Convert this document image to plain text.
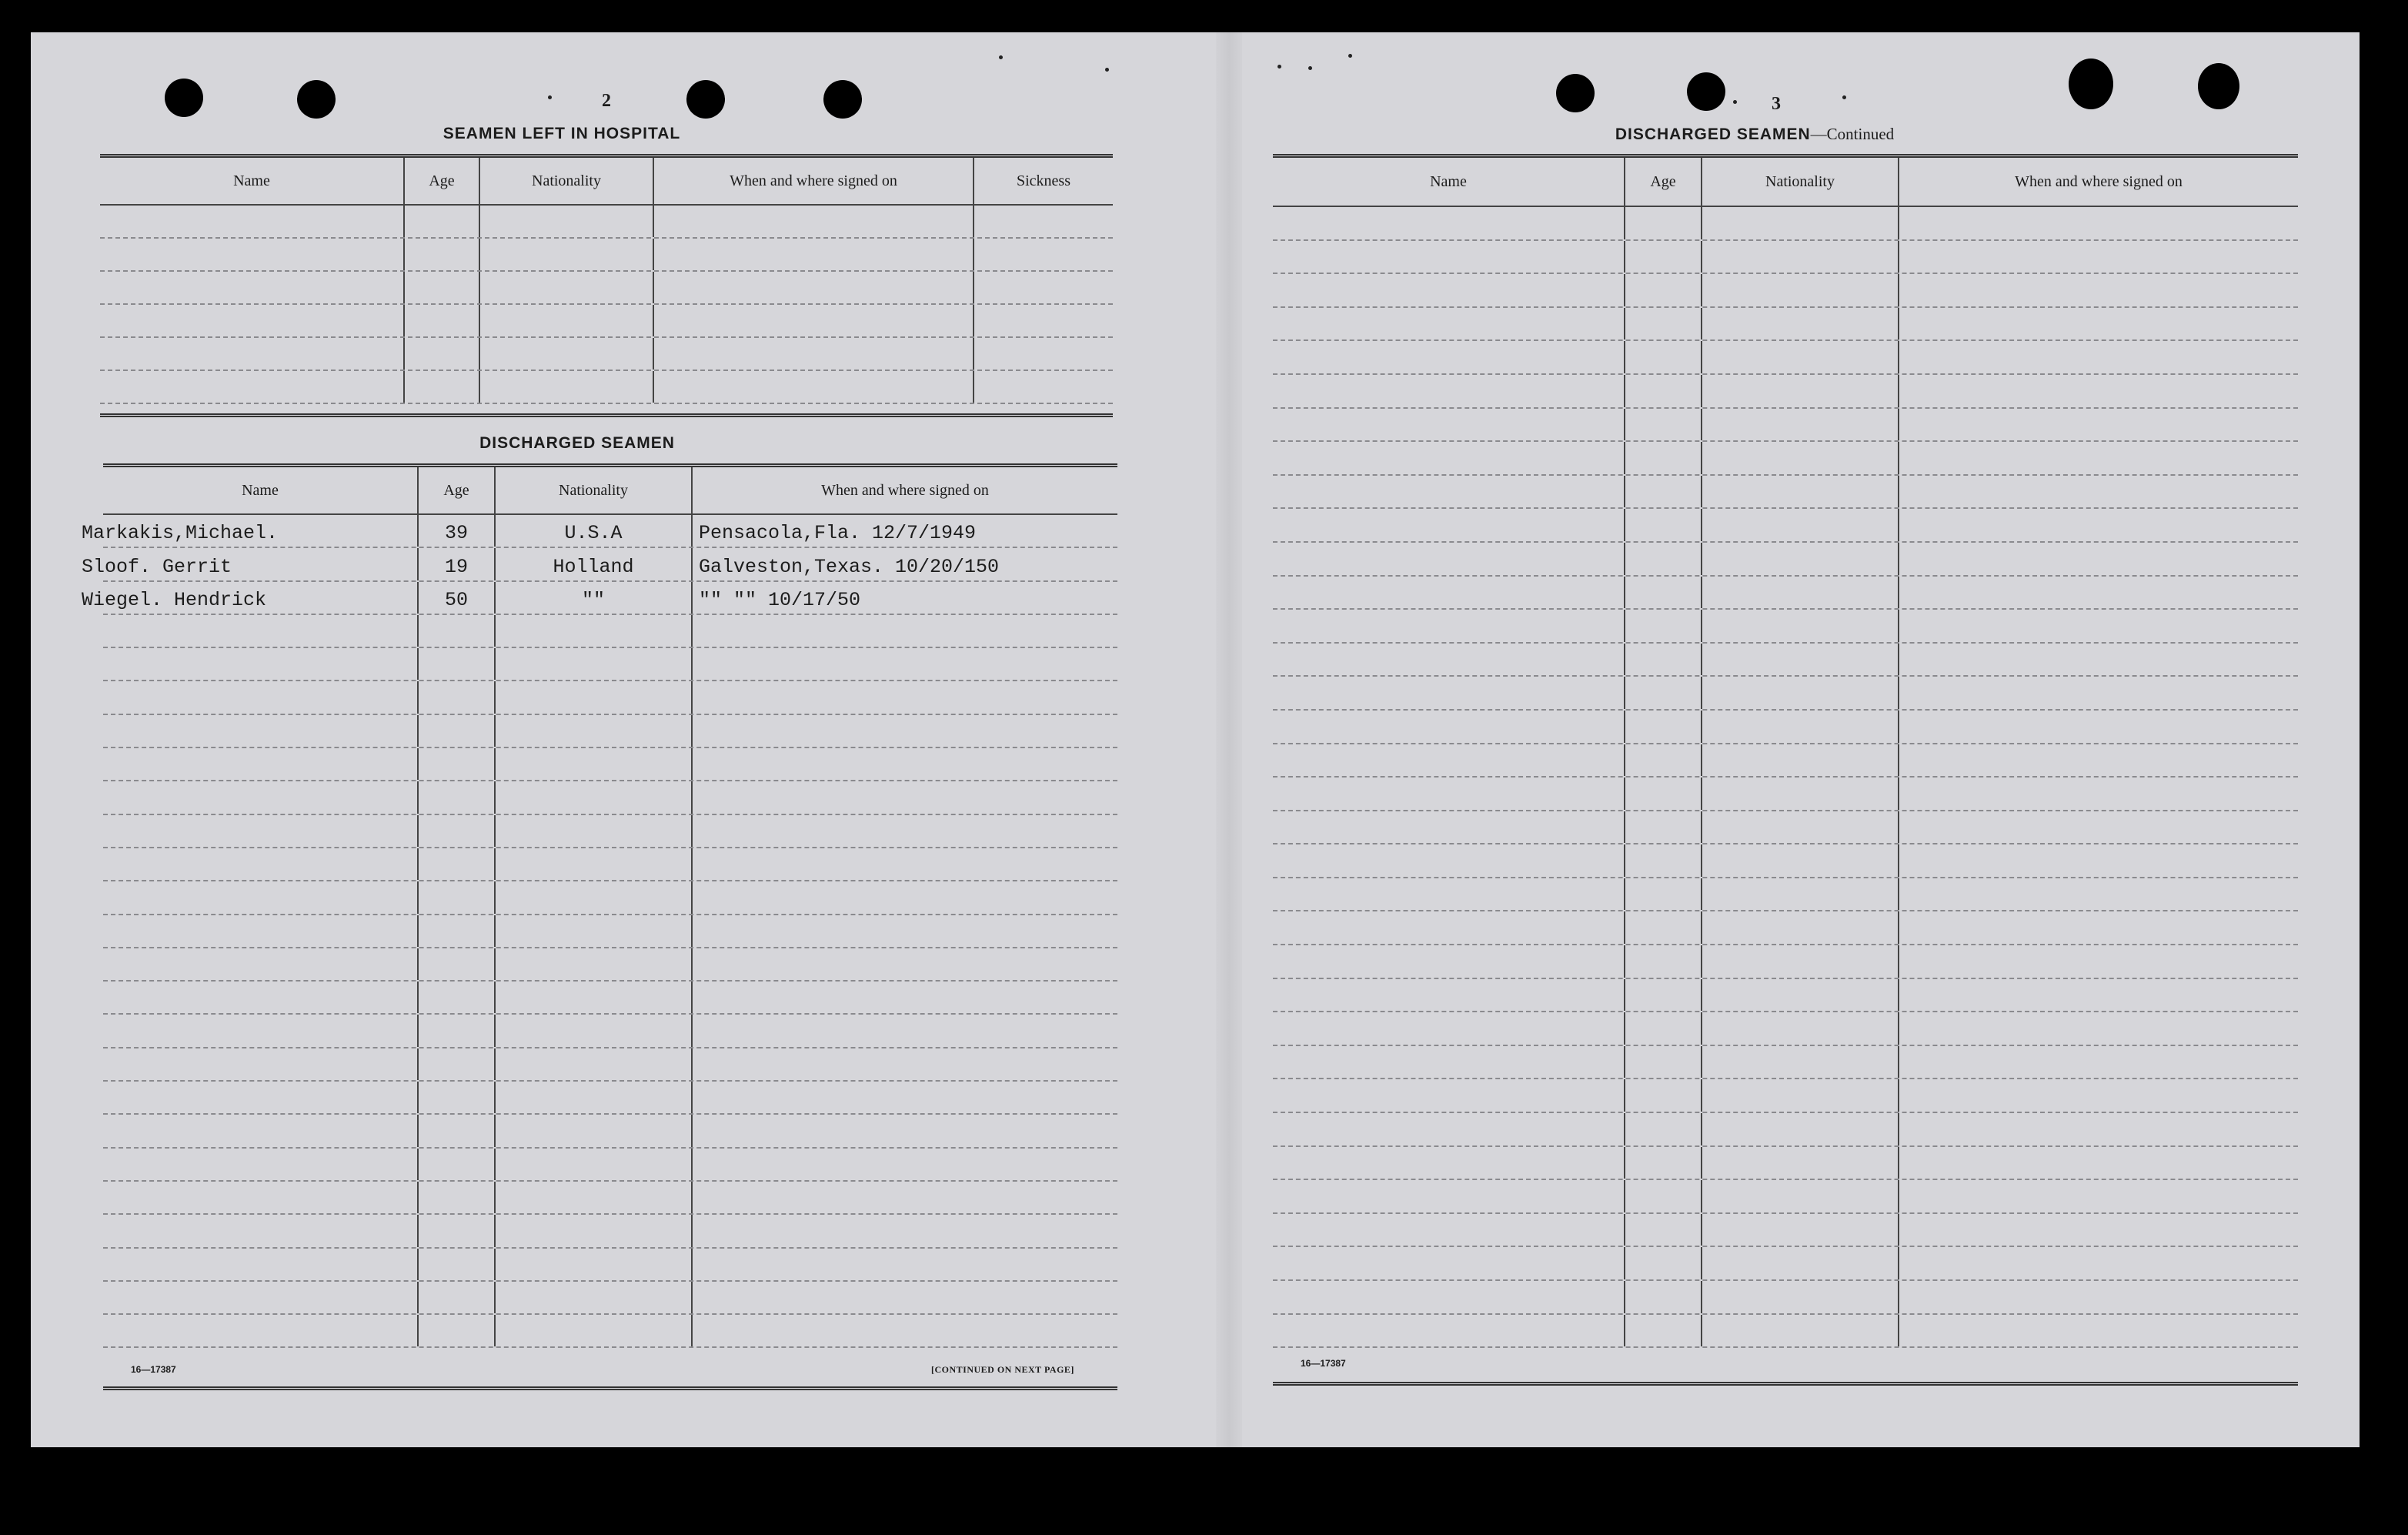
2
SEAMEN LEFT IN HOSPITAL
Name	Age	Nationality	When and where signed on	Sickness
DISCHARGED SEAMEN
Name	Age	Nationality	When and where signed on
Markakis,Michael.	39	U.S.A	Pensacola,Fla. 12/7/1949
Sloof. Gerrit	19	Holland	Galveston,Texas. 10/20/150
Wiegel. Hendrick	50	""	"" "" 10/17/50
16—17387	[CONTINUED ON NEXT PAGE]
3
DISCHARGED SEAMEN—Continued
Name	Age	Nationality	When and where signed on
16—17387
